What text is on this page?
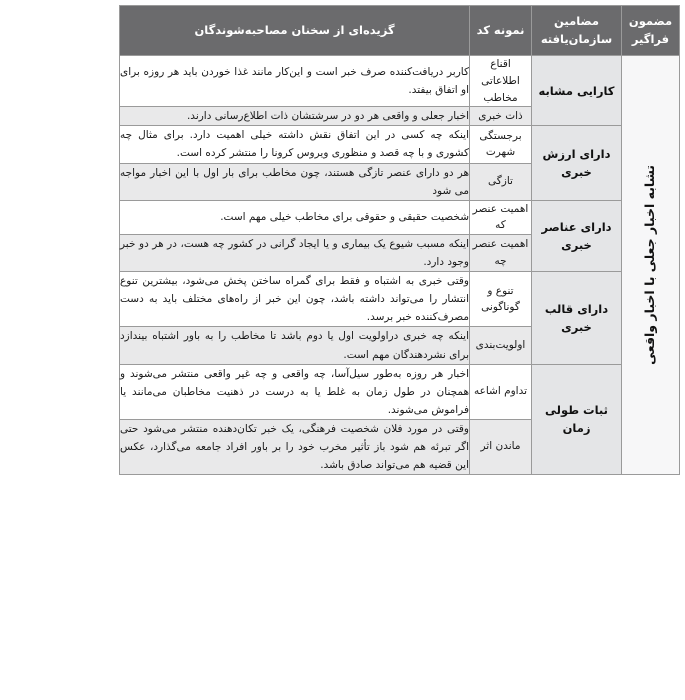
مضمون فراگیر	مضامین سازمان‌یافته	نمونه کد	گزیده‌ای از سخنان مصاحبه‌شوندگان

تشابه اخبار جعلی با اخبار واقعی	کارایی مشابه	اقناع اطلاعاتی مخاطب	کاربر دریافت‌کننده صرف خبر است و این‌کار مانند غذا خوردن باید هر روزه برای او اتفاق بیفتد.
		ذات خبری	اخبار جعلی و واقعی هر دو در سرشتشان ذات اطلاع‌رسانی دارند.
	دارای ارزش خبری	برجستگی شهرت	اینکه چه کسی در این اتفاق نقش داشته خیلی اهمیت دارد. برای مثال چه کشوری و با چه قصد و منظوری ویروس کرونا را منتشر کرده است.
		تازگی	هر دو دارای عنصر تازگی هستند، چون مخاطب برای بار اول با این اخبار مواجه می شود
	دارای عناصر خبری	اهمیت عنصر که	شخصیت حقیقی و حقوقی برای مخاطب خیلی مهم است.
		اهمیت عنصر چه	اینکه مسبب شیوع یک بیماری و یا ایجاد گرانی در کشور چه هست، در هر دو خبر وجود دارد.
	دارای قالب خبری	تنوع و گوناگونی	وقتی خبری به اشتباه و فقط برای گمراه ساختن پخش می‌شود، بیشترین تنوع انتشار را می‌تواند داشته باشد، چون این خبر از راه‌های مختلف باید به دست مصرف‌کننده خبر برسد.
		اولویت‌بندی	اینکه چه خبری دراولویت اول یا دوم باشد تا مخاطب را به باور اشتباه بیندازد برای نشردهندگان مهم است.
	ثبات طولی زمان	تداوم اشاعه	اخبار هر روزه به‌طور سیل‌آسا، چه واقعی و چه غیر واقعی منتشر می‌شوند و همچنان در طول زمان به غلط یا به درست در ذهنیت مخاطبان می‌مانند یا فراموش می‌شوند.
		ماندن اثر	وقتی در مورد فلان شخصیت فرهنگی، یک خبر تکان‌دهنده منتشر می‌شود حتی اگر تبرئه هم شود باز تأثیر مخرب خود را بر باور افراد جامعه می‌گذارد، عکس این قضیه هم می‌تواند صادق باشد.
